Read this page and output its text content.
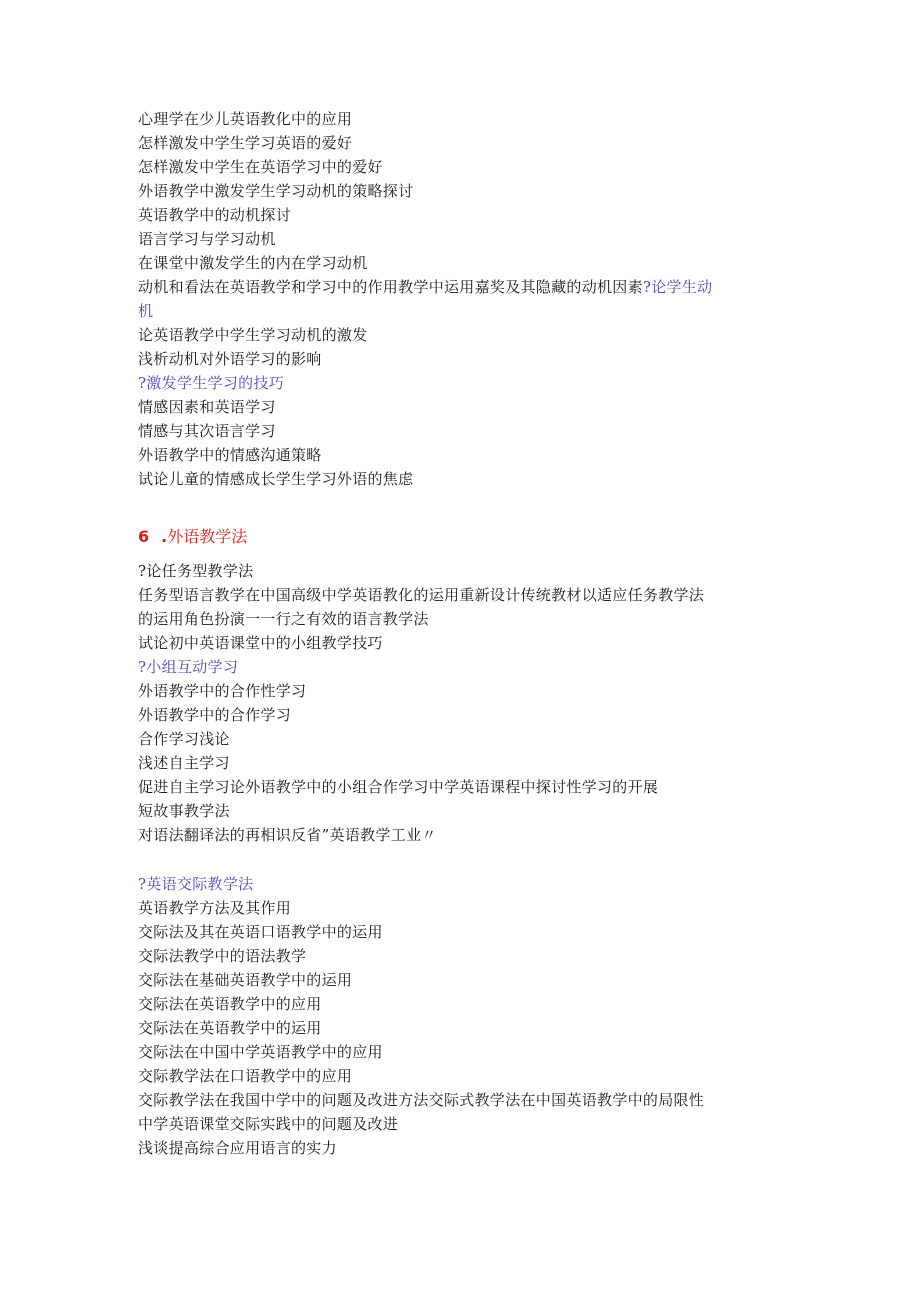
心理学在少儿英语教化中的应用
怎样激发中学生学习英语的爱好
怎样激发中学生在英语学习中的爱好
外语教学中激发学生学习动机的策略探讨
英语教学中的动机探讨
语言学习与学习动机
在课堂中激发学生的内在学习动机
动机和看法在英语教学和学习中的作用教学中运用嘉奖及其隐藏的动机因素?论学生动
机
论英语教学中学生学习动机的激发
浅析动机对外语学习的影响
?激发学生学习的技巧
情感因素和英语学习
情感与其次语言学习
外语教学中的情感沟通策略
试论儿童的情感成长学生学习外语的焦虑
6 .外语教学法
?论任务型教学法
任务型语言教学在中国高级中学英语教化的运用重新设计传统教材以适应任务教学法
的运用角色扮演一一行之有效的语言教学法
试论初中英语课堂中的小组教学技巧
?小组互动学习
外语教学中的合作性学习
外语教学中的合作学习
合作学习浅论
浅述自主学习
促进自主学习论外语教学中的小组合作学习中学英语课程中探讨性学习的开展
短故事教学法
对语法翻译法的再相识反省”英语教学工业〃
?英语交际教学法
英语教学方法及其作用
交际法及其在英语口语教学中的运用
交际法教学中的语法教学
交际法在基础英语教学中的运用
交际法在英语教学中的应用
交际法在英语教学中的运用
交际法在中国中学英语教学中的应用
交际教学法在口语教学中的应用
交际教学法在我国中学中的问题及改进方法交际式教学法在中国英语教学中的局限性
中学英语课堂交际实践中的问题及改进
浅谈提高综合应用语言的实力
